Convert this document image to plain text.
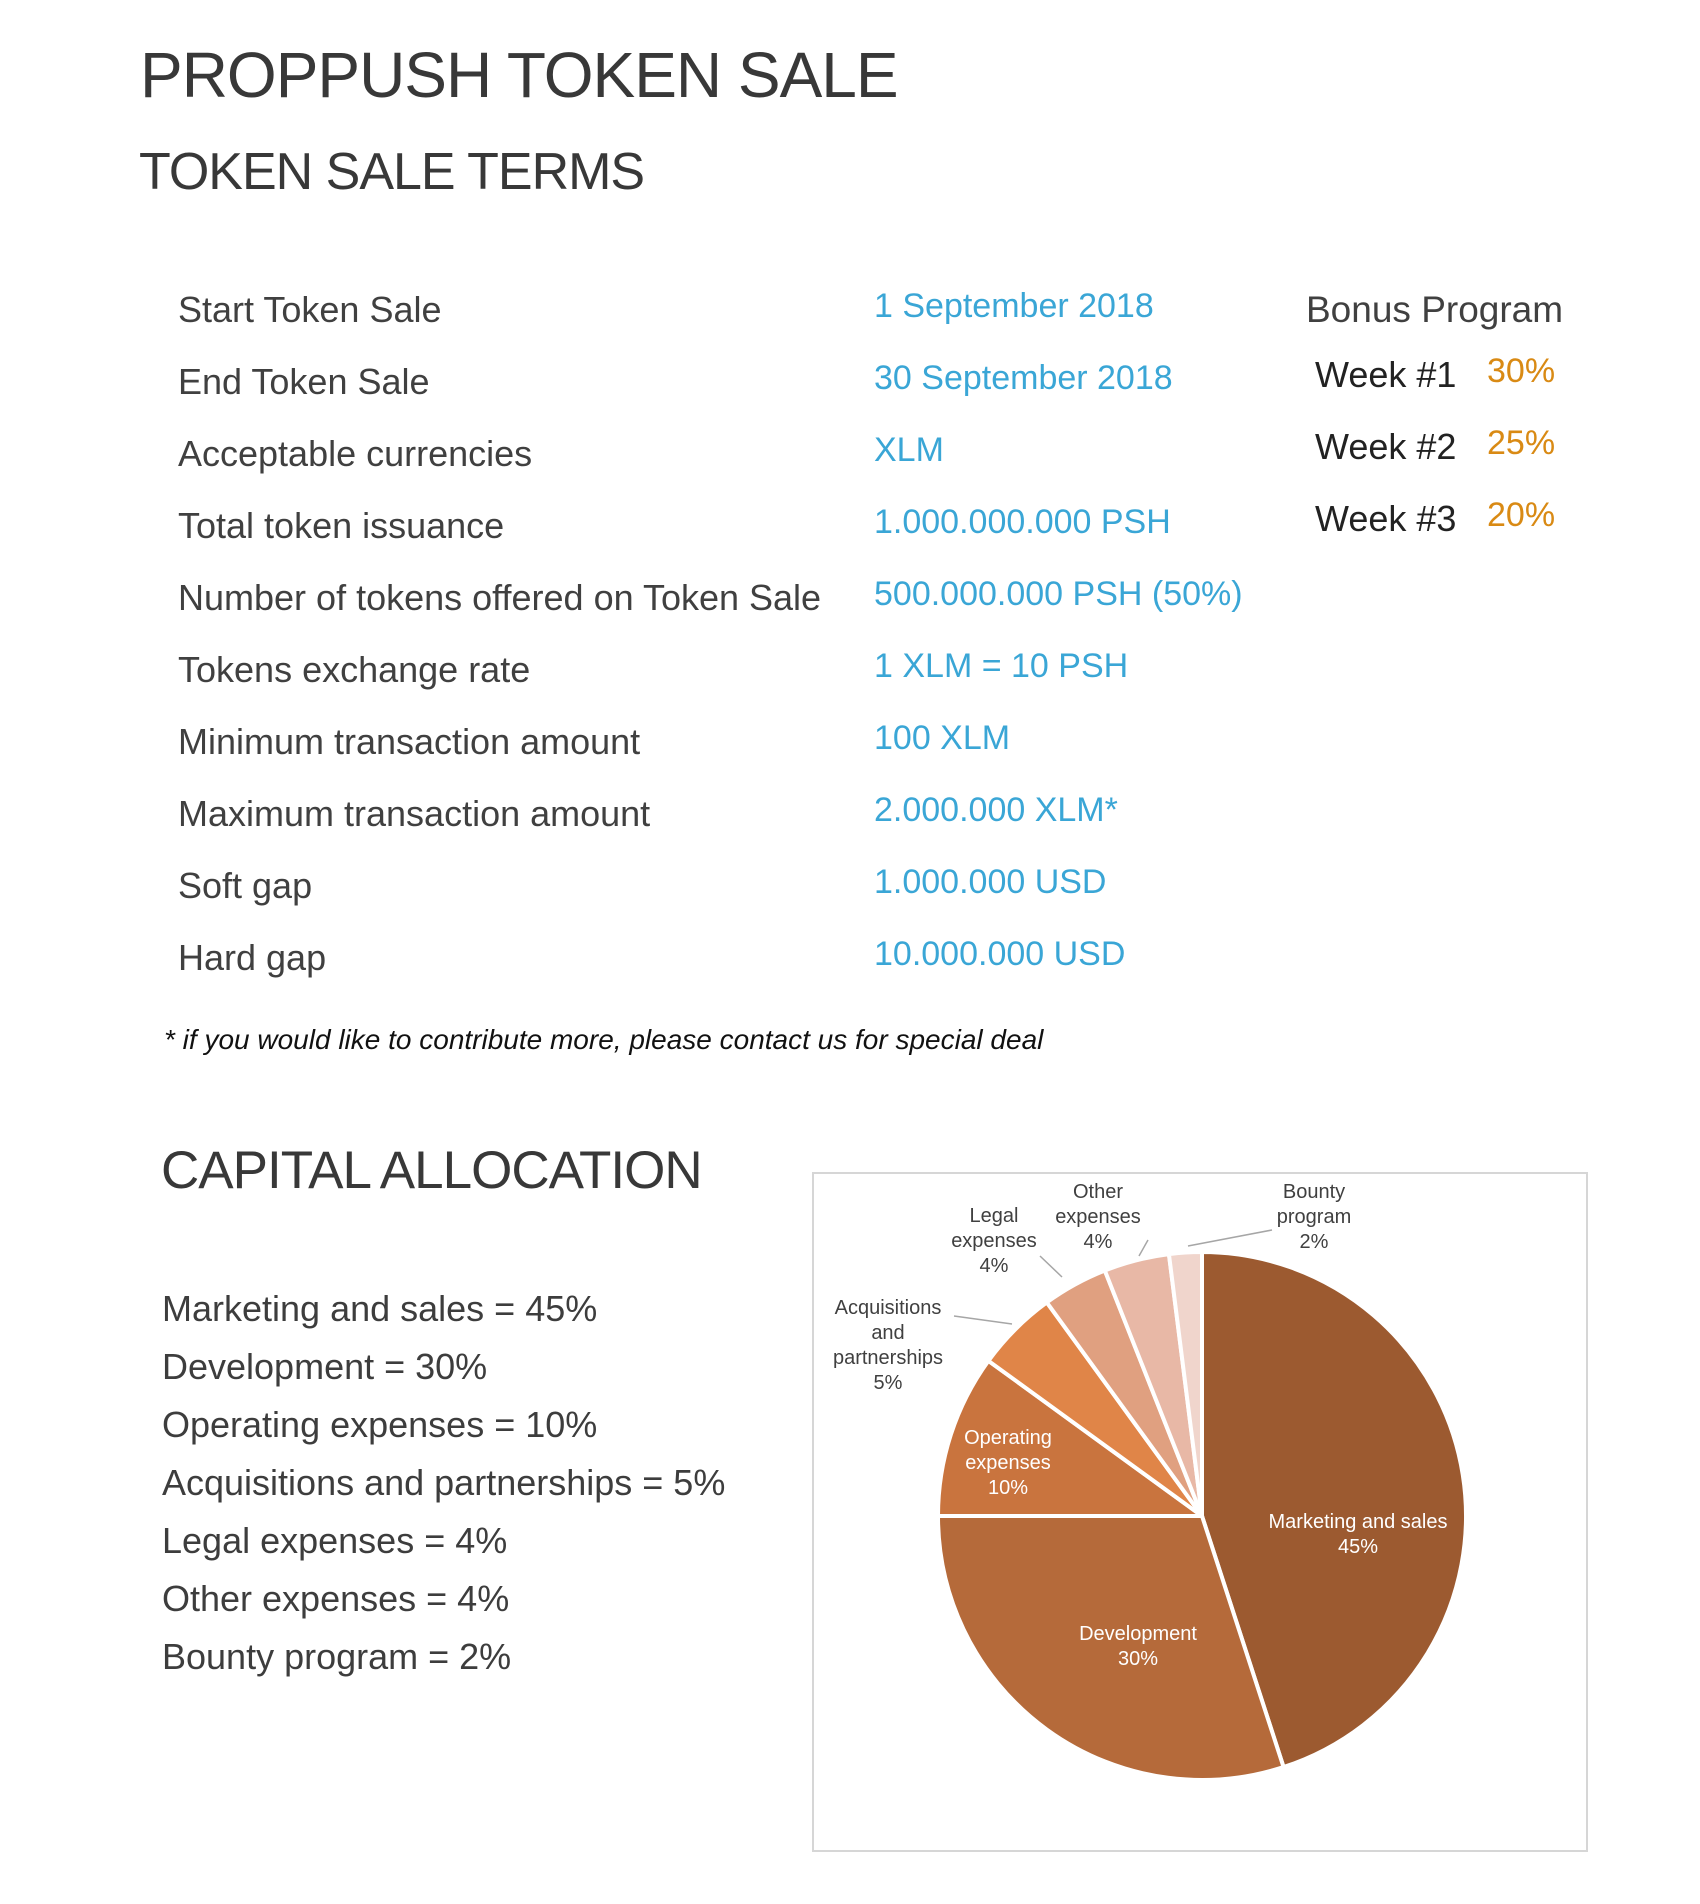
PROPPUSH TOKEN SALE
TOKEN SALE TERMS
Start Token Sale	1 September 2018
End Token Sale	30 September 2018
Acceptable currencies	XLM
Total token issuance	1.000.000.000 PSH
Number of tokens offered on Token Sale 500.000.000 PSH (50%)
Tokens exchange rate	1 XLM = 10 PSH
Minimum transaction amount	100 XLM
Maximum transaction amount	2.000.000 XLM*
Soft gap	1.000.000 USD
Hard gap	10.000.000 USD
Bonus Program
Week #1 30%
Week #2 25%
Week #3 20%
* if you would like to contribute more, please contact us for special deal
CAPITAL ALLOCATION
Marketing and sales = 45%
Development = 30%
Operating expenses = 10%
Acquisitions and partnerships = 5%
Legal expenses = 4%
Other expenses = 4%
Bounty program = 2%
Marketing and sales 45%
Development 30%
Operating expenses 10%
Acquisitions and partnerships 5%
Legal expenses 4%
Other expenses 4%
Bounty program 2%
